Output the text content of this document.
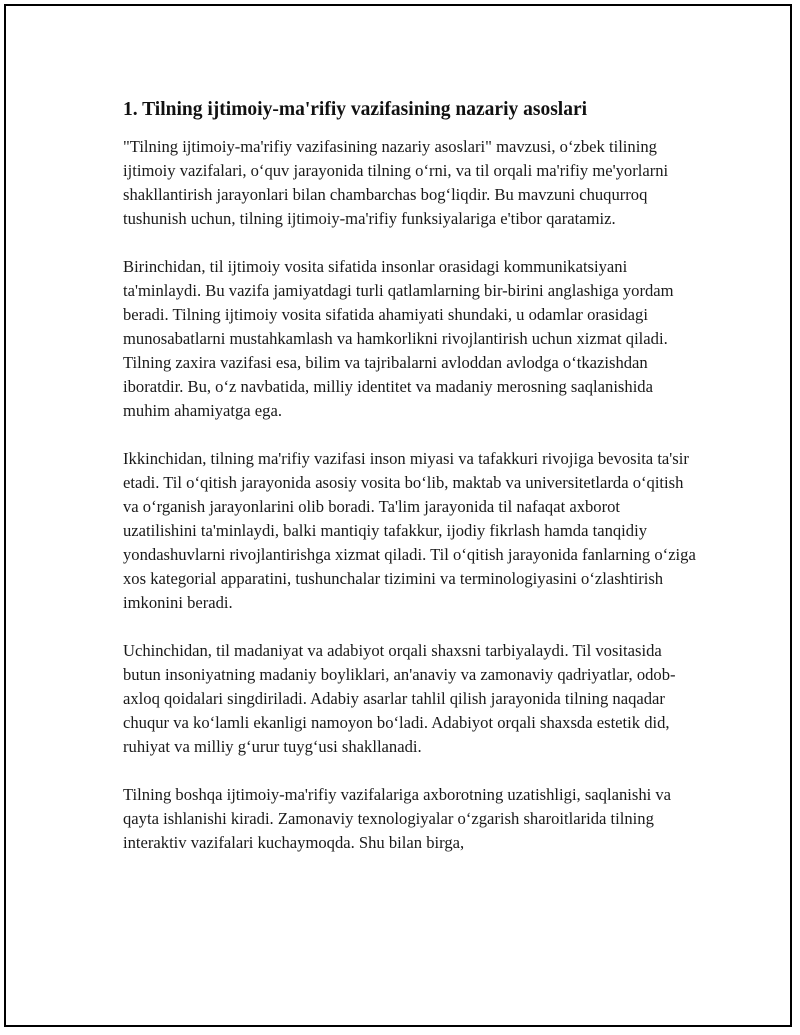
1. Tilning ijtimoiy-ma'rifiy vazifasining nazariy asoslari

"Tilning ijtimoiy-ma'rifiy vazifasining nazariy asoslari" mavzusi, o‘zbek tilining ijtimoiy vazifalari, o‘quv jarayonida tilning o‘rni, va til orqali ma'rifiy me'yorlarni shakllantirish jarayonlari bilan chambarchas bog‘liqdir. Bu mavzuni chuqurroq tushunish uchun, tilning ijtimoiy-ma'rifiy funksiyalariga e'tibor qaratamiz.

Birinchidan, til ijtimoiy vosita sifatida insonlar orasidagi kommunikatsiyani ta'minlaydi. Bu vazifa jamiyatdagi turli qatlamlarning bir-birini anglashiga yordam beradi. Tilning ijtimoiy vosita sifatida ahamiyati shundaki, u odamlar orasidagi munosabatlarni mustahkamlash va hamkorlikni rivojlantirish uchun xizmat qiladi. Tilning zaxira vazifasi esa, bilim va tajribalarni avloddan avlodga o‘tkazishdan iboratdir. Bu, o‘z navbatida, milliy identitet va madaniy merosning saqlanishida muhim ahamiyatga ega.

Ikkinchidan, tilning ma'rifiy vazifasi inson miyasi va tafakkuri rivojiga bevosita ta'sir etadi. Til o‘qitish jarayonida asosiy vosita bo‘lib, maktab va universitetlarda o‘qitish va o‘rganish jarayonlarini olib boradi. Ta'lim jarayonida til nafaqat axborot uzatilishini ta'minlaydi, balki mantiqiy tafakkur, ijodiy fikrlash hamda tanqidiy yondashuvlarni rivojlantirishga xizmat qiladi. Til o‘qitish jarayonida fanlarning o‘ziga xos kategorial apparatini, tushunchalar tizimini va terminologiyasini o‘zlashtirish imkonini beradi.

Uchinchidan, til madaniyat va adabiyot orqali shaxsni tarbiyalaydi. Til vositasida butun insoniyatning madaniy boyliklari, an'anaviy va zamonaviy qadriyatlar, odob-axloq qoidalari singdiriladi. Adabiy asarlar tahlil qilish jarayonida tilning naqadar chuqur va ko‘lamli ekanligi namoyon bo‘ladi. Adabiyot orqali shaxsda estetik did, ruhiyat va milliy g‘urur tuyg‘usi shakllanadi.

Tilning boshqa ijtimoiy-ma'rifiy vazifalariga axborotning uzatishligi, saqlanishi va qayta ishlanishi kiradi. Zamonaviy texnologiyalar o‘zgarish sharoitlarida tilning interaktiv vazifalari kuchaymoqda. Shu bilan birga,
